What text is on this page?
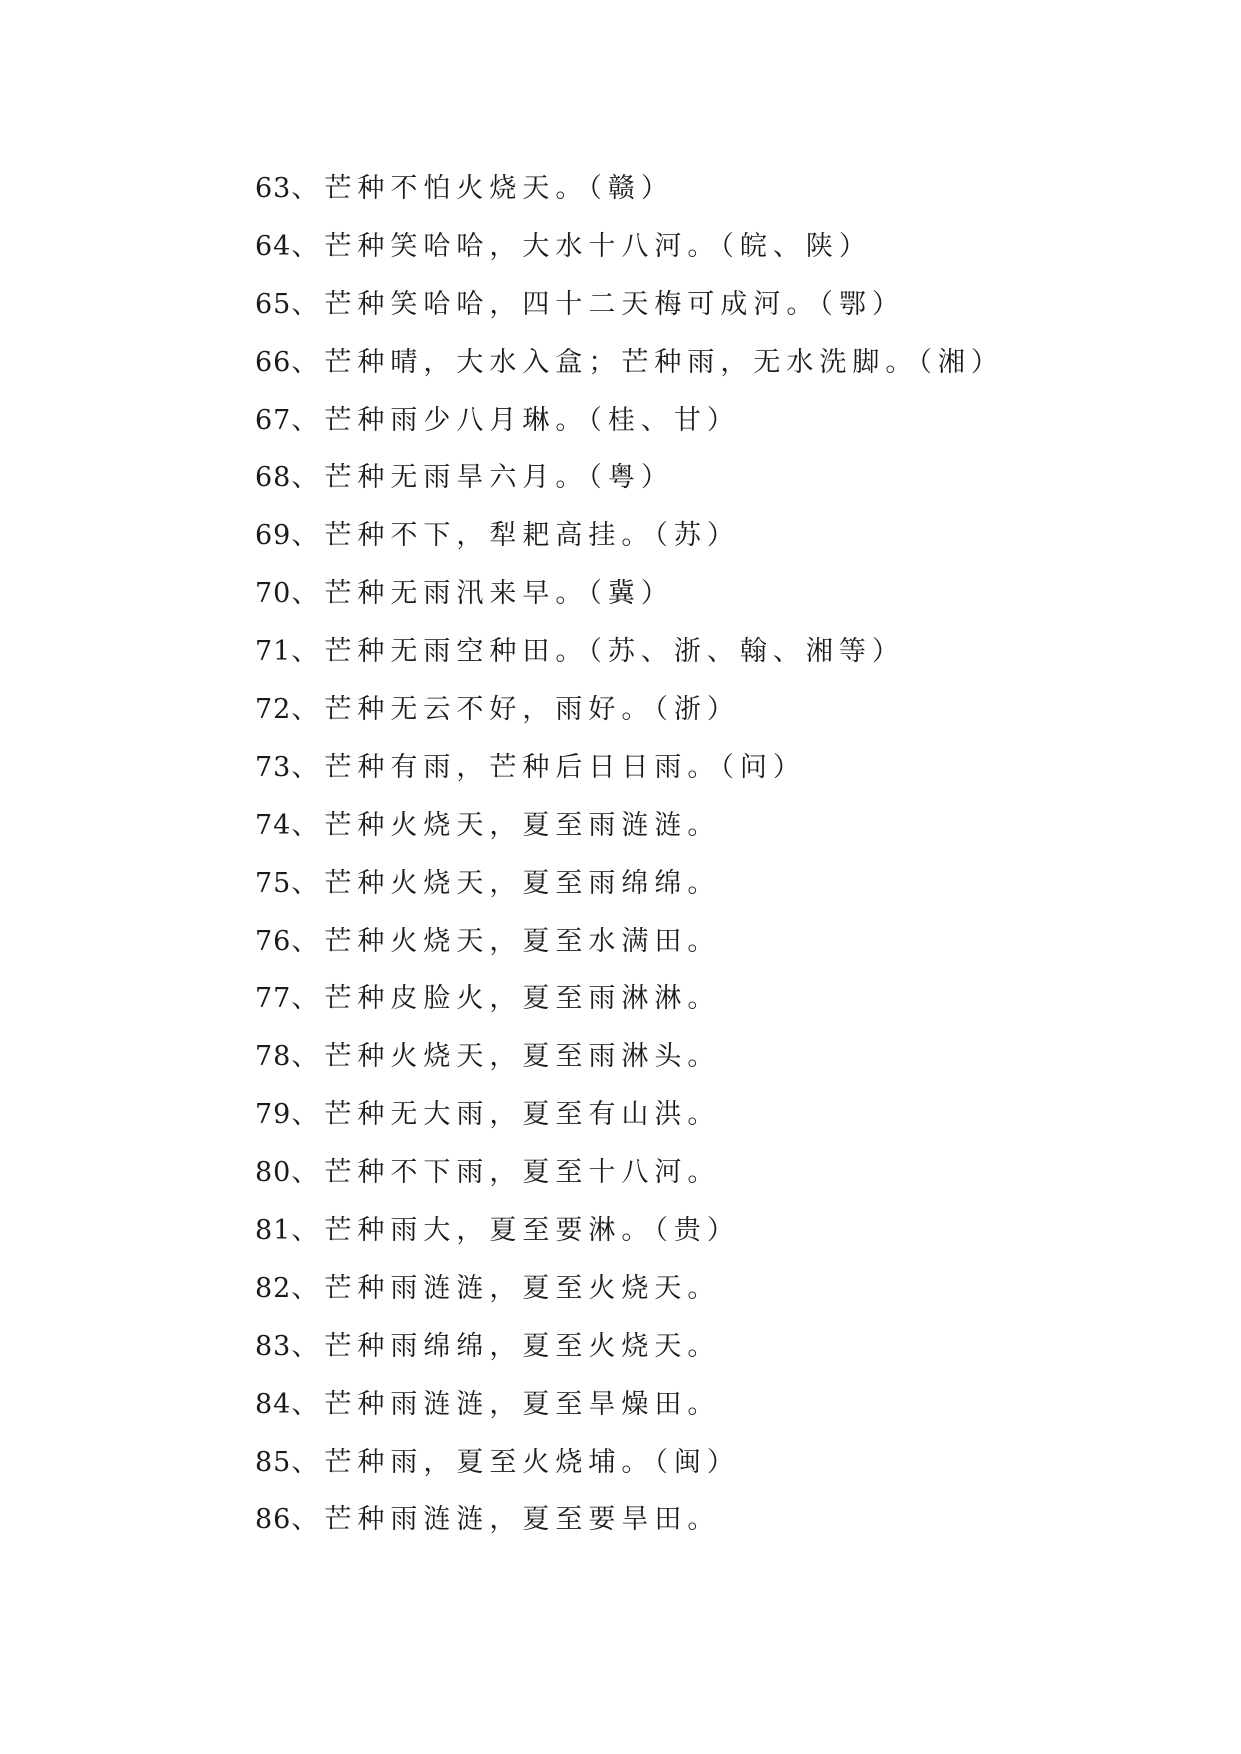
63、芒种不怕火烧天。（赣）
64、芒种笑哈哈，大水十八河。（皖、陕）
65、芒种笑哈哈，四十二天梅可成河。（鄂）
66、芒种晴，大水入盒；芒种雨，无水洗脚。（湘）
67、芒种雨少八月琳。（桂、甘）
68、芒种无雨旱六月。（粤）
69、芒种不下，犁耙高挂。（苏）
70、芒种无雨汛来早。（冀）
71、芒种无雨空种田。（苏、浙、翰、湘等）
72、芒种无云不好，雨好。（浙）
73、芒种有雨，芒种后日日雨。（问）
74、芒种火烧天，夏至雨涟涟。
75、芒种火烧天，夏至雨绵绵。
76、芒种火烧天，夏至水满田。
77、芒种皮脸火，夏至雨淋淋。
78、芒种火烧天，夏至雨淋头。
79、芒种无大雨，夏至有山洪。
80、芒种不下雨，夏至十八河。
81、芒种雨大，夏至要淋。（贵）
82、芒种雨涟涟，夏至火烧天。
83、芒种雨绵绵，夏至火烧天。
84、芒种雨涟涟，夏至旱燥田。
85、芒种雨，夏至火烧埔。（闽）
86、芒种雨涟涟，夏至要旱田。
